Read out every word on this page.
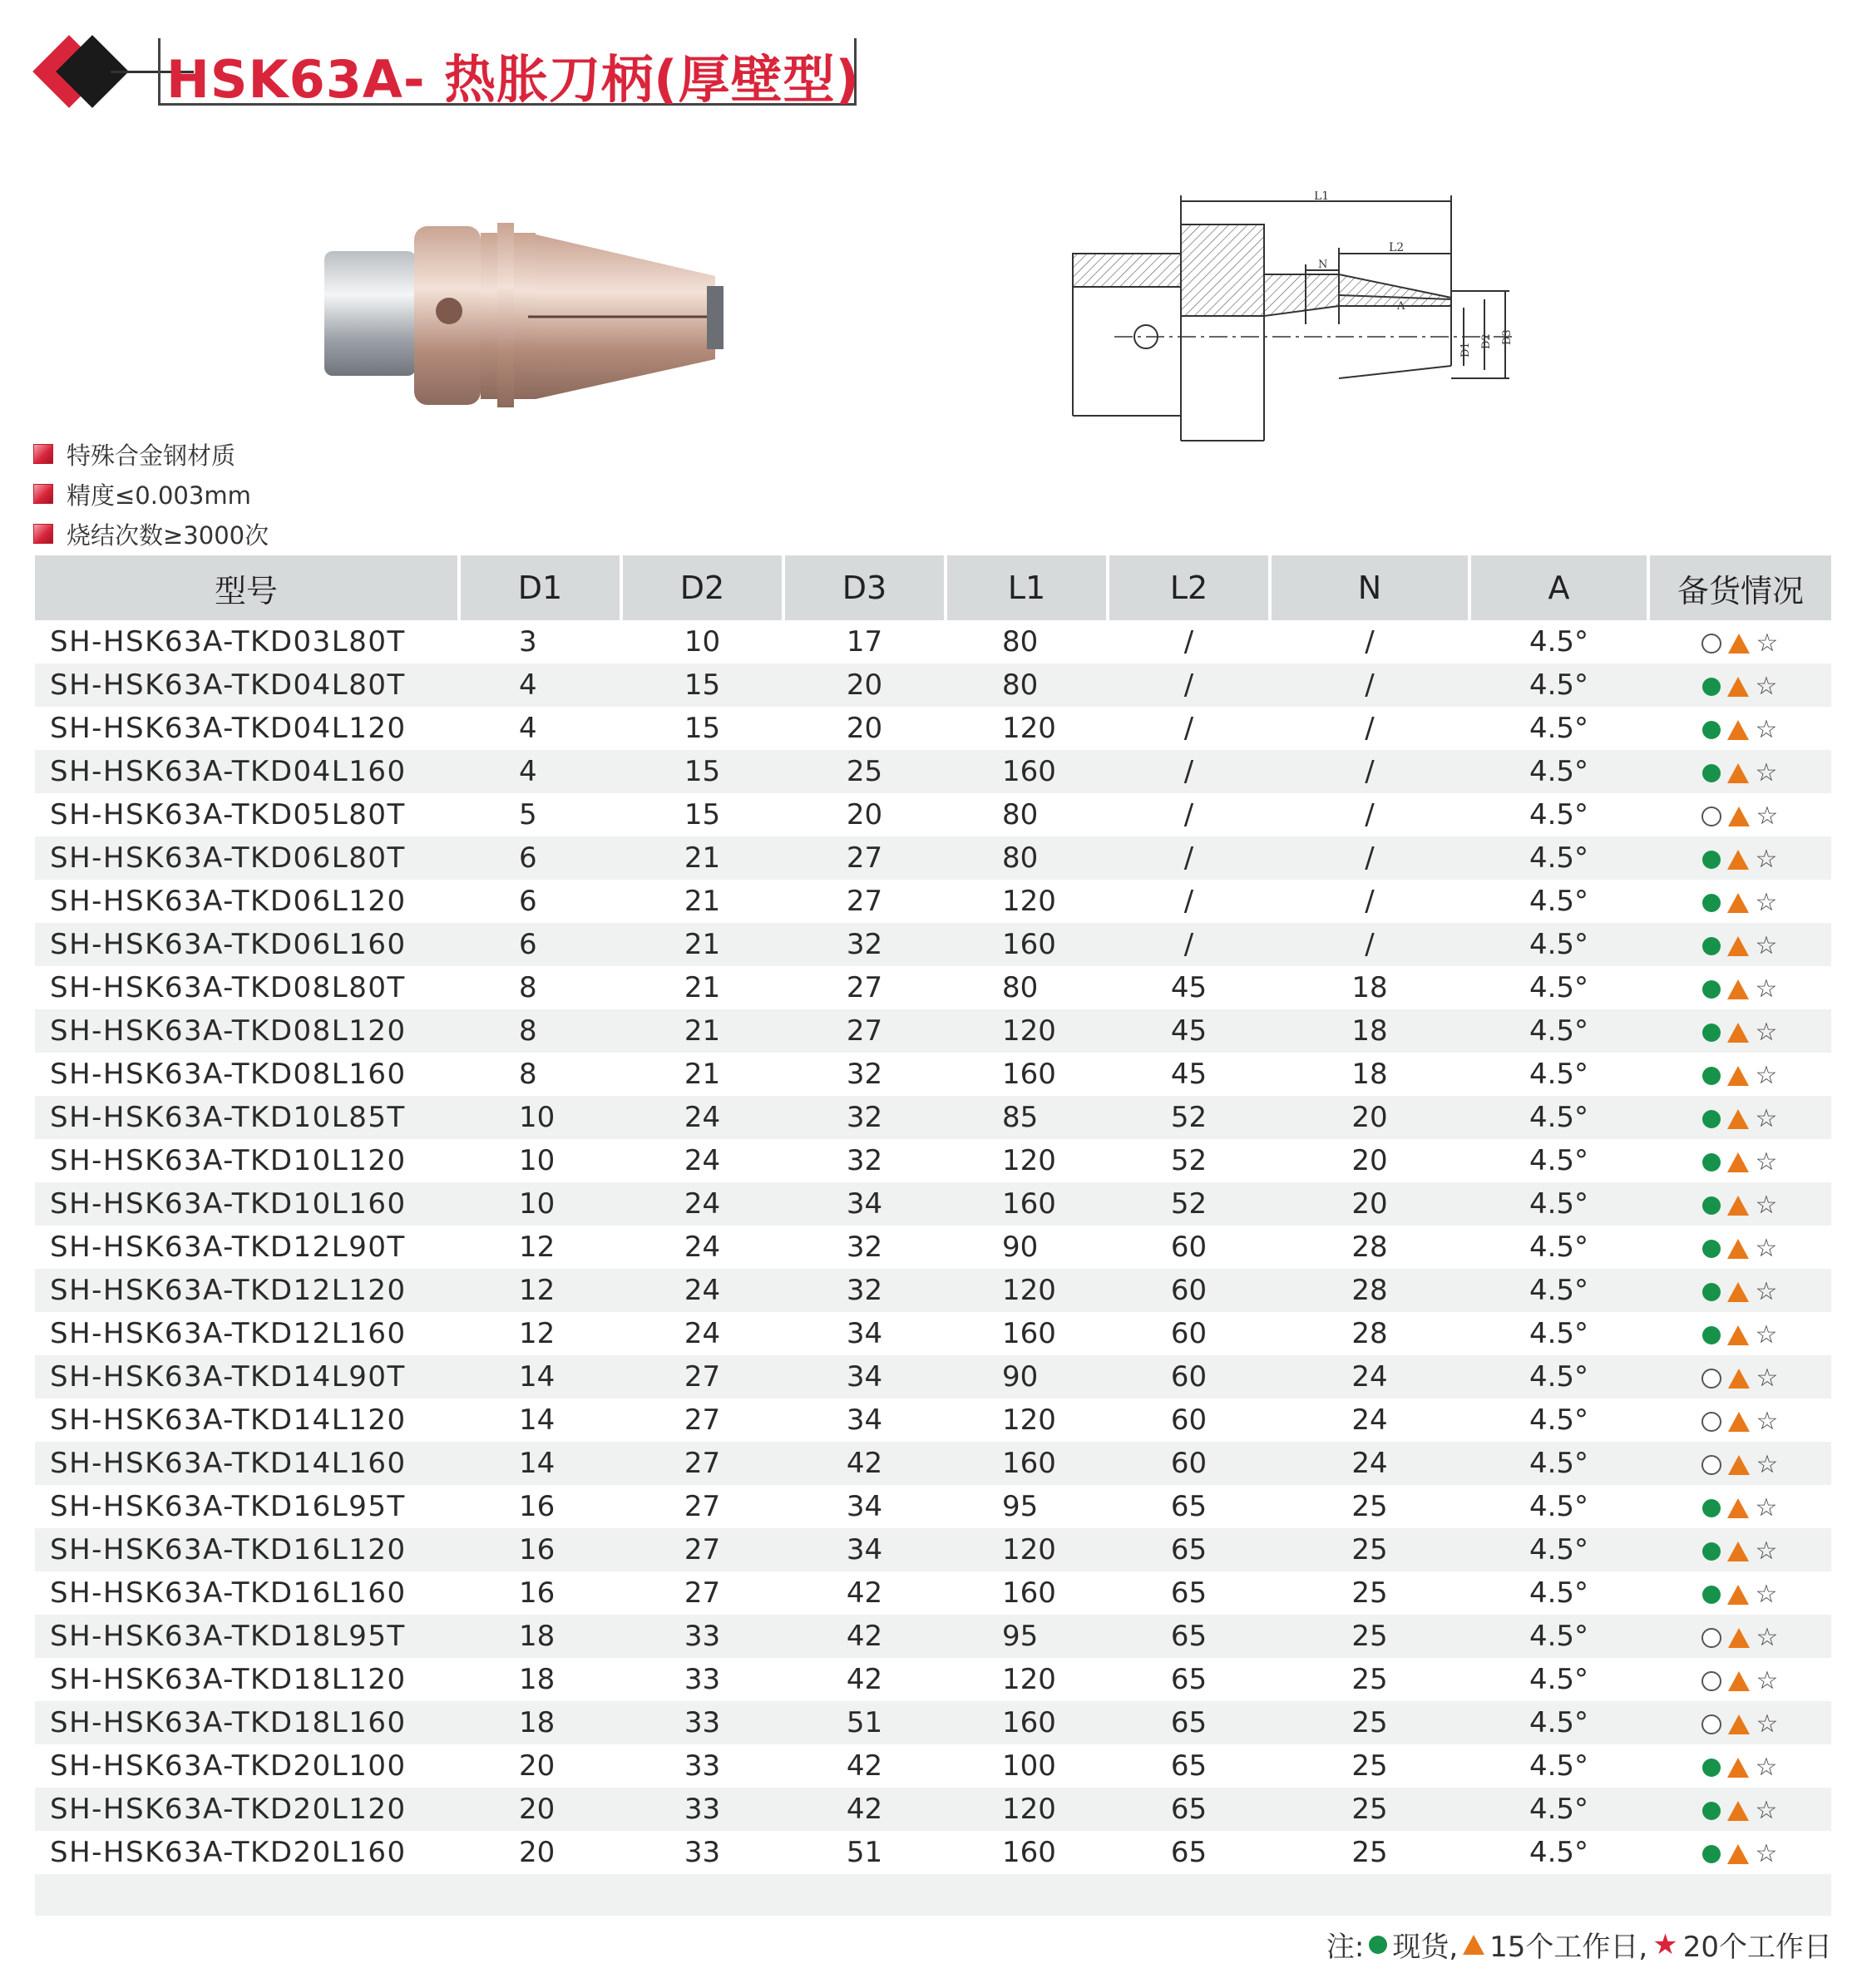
HSK63A- 热胀刀柄(厚壁型)
L1
L2
N
A
D1
D2 D3
特殊合金钢材质
精度≤0.003mm
烧结次数≥3000次
型号	D1	D2	D3	L1	L2	N	A	备货情况
SH-HSK63A-TKD03L80T	3	10	17	80	/	/	4.5°	☆
SH-HSK63A-TKD04L80T	4	15	20	80	/	/	4.5°	☆
SH-HSK63A-TKD04L120	4	15	20	120	/	/	4.5°	☆
SH-HSK63A-TKD04L160	4	15	25	160	/	/	4.5°	☆
SH-HSK63A-TKD05L80T	5	15	20	80	/	/	4.5°	☆
SH-HSK63A-TKD06L80T	6	21	27	80	/	/	4.5°	☆
SH-HSK63A-TKD06L120	6	21	27	120	/	/	4.5°	☆
SH-HSK63A-TKD06L160	6	21	32	160	/	/	4.5°	☆
SH-HSK63A-TKD08L80T	8	21	27	80	45	18	4.5°	☆
SH-HSK63A-TKD08L120	8	21	27	120	45	18	4.5°	☆
SH-HSK63A-TKD08L160	8	21	32	160	45	18	4.5°	☆
SH-HSK63A-TKD10L85T	10	24	32	85	52	20	4.5°	☆
SH-HSK63A-TKD10L120	10	24	32	120	52	20	4.5°	☆
SH-HSK63A-TKD10L160	10	24	34	160	52	20	4.5°	☆
SH-HSK63A-TKD12L90T	12	24	32	90	60	28	4.5°	☆
SH-HSK63A-TKD12L120	12	24	32	120	60	28	4.5°	☆
SH-HSK63A-TKD12L160	12	24	34	160	60	28	4.5°	☆
SH-HSK63A-TKD14L90T	14	27	34	90	60	24	4.5°	☆
SH-HSK63A-TKD14L120	14	27	34	120	60	24	4.5°	☆
SH-HSK63A-TKD14L160	14	27	42	160	60	24	4.5°	☆
SH-HSK63A-TKD16L95T	16	27	34	95	65	25	4.5°	☆
SH-HSK63A-TKD16L120	16	27	34	120	65	25	4.5°	☆
SH-HSK63A-TKD16L160	16	27	42	160	65	25	4.5°	☆
SH-HSK63A-TKD18L95T	18	33	42	95	65	25	4.5°	☆
SH-HSK63A-TKD18L120	18	33	42	120	65	25	4.5°	☆
SH-HSK63A-TKD18L160	18	33	51	160	65	25	4.5°	☆
SH-HSK63A-TKD20L100	20	33	42	100	65	25	4.5°	☆
SH-HSK63A-TKD20L120	20	33	42	120	65	25	4.5°	☆
SH-HSK63A-TKD20L160	20	33	51	160	65	25	4.5°	☆
注: 现货, 15个工作日, ★ 20个工作日
